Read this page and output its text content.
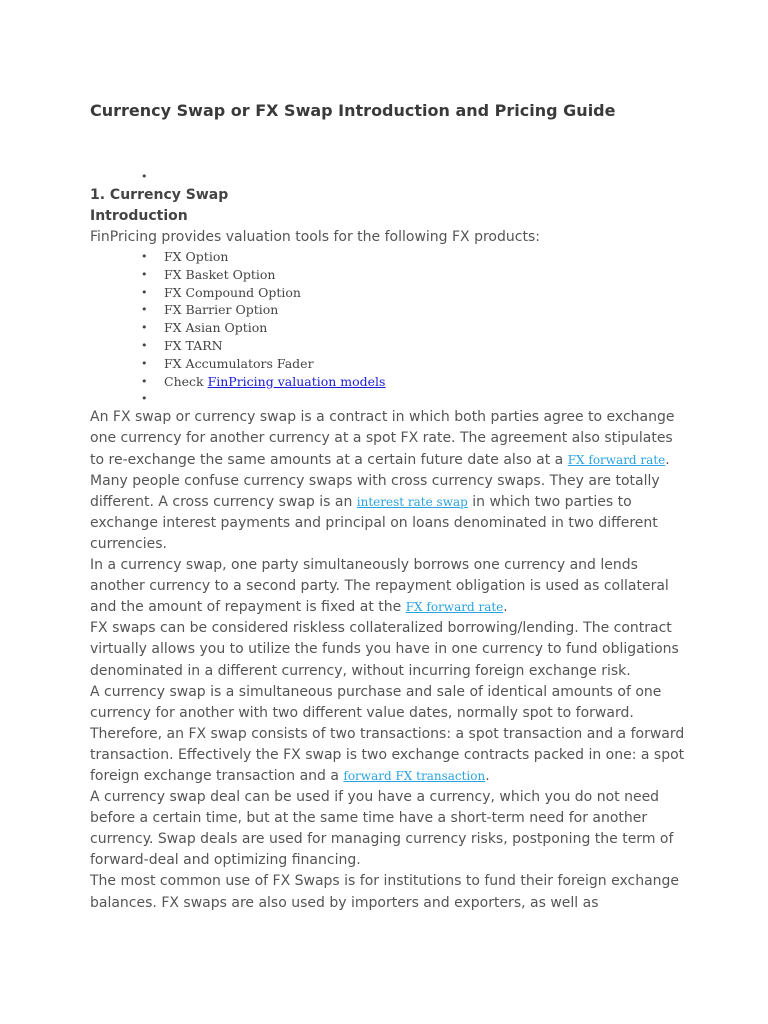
Currency Swap or FX Swap Introduction and Pricing Guide
•
1. Currency Swap
Introduction
FinPricing provides valuation tools for the following FX products:
• FX Option
• FX Basket Option
• FX Compound Option
• FX Barrier Option
• FX Asian Option
• FX TARN
• FX Accumulators Fader
• Check FinPricing valuation models
•

An FX swap or currency swap is a contract in which both parties agree to exchange one currency for another currency at a spot FX rate. The agreement also stipulates to re-exchange the same amounts at a certain future date also at a FX forward rate.

Many people confuse currency swaps with cross currency swaps. They are totally different. A cross currency swap is an interest rate swap in which two parties to exchange interest payments and principal on loans denominated in two different currencies.

In a currency swap, one party simultaneously borrows one currency and lends another currency to a second party. The repayment obligation is used as collateral and the amount of repayment is fixed at the FX forward rate.

FX swaps can be considered riskless collateralized borrowing/lending. The contract virtually allows you to utilize the funds you have in one currency to fund obligations denominated in a different currency, without incurring foreign exchange risk.

A currency swap is a simultaneous purchase and sale of identical amounts of one currency for another with two different value dates, normally spot to forward. Therefore, an FX swap consists of two transactions: a spot transaction and a forward transaction. Effectively the FX swap is two exchange contracts packed in one: a spot foreign exchange transaction and a forward FX transaction.

A currency swap deal can be used if you have a currency, which you do not need before a certain time, but at the same time have a short-term need for another currency. Swap deals are used for managing currency risks, postponing the term of forward-deal and optimizing financing.

The most common use of FX Swaps is for institutions to fund their foreign exchange balances. FX swaps are also used by importers and exporters, as well as
